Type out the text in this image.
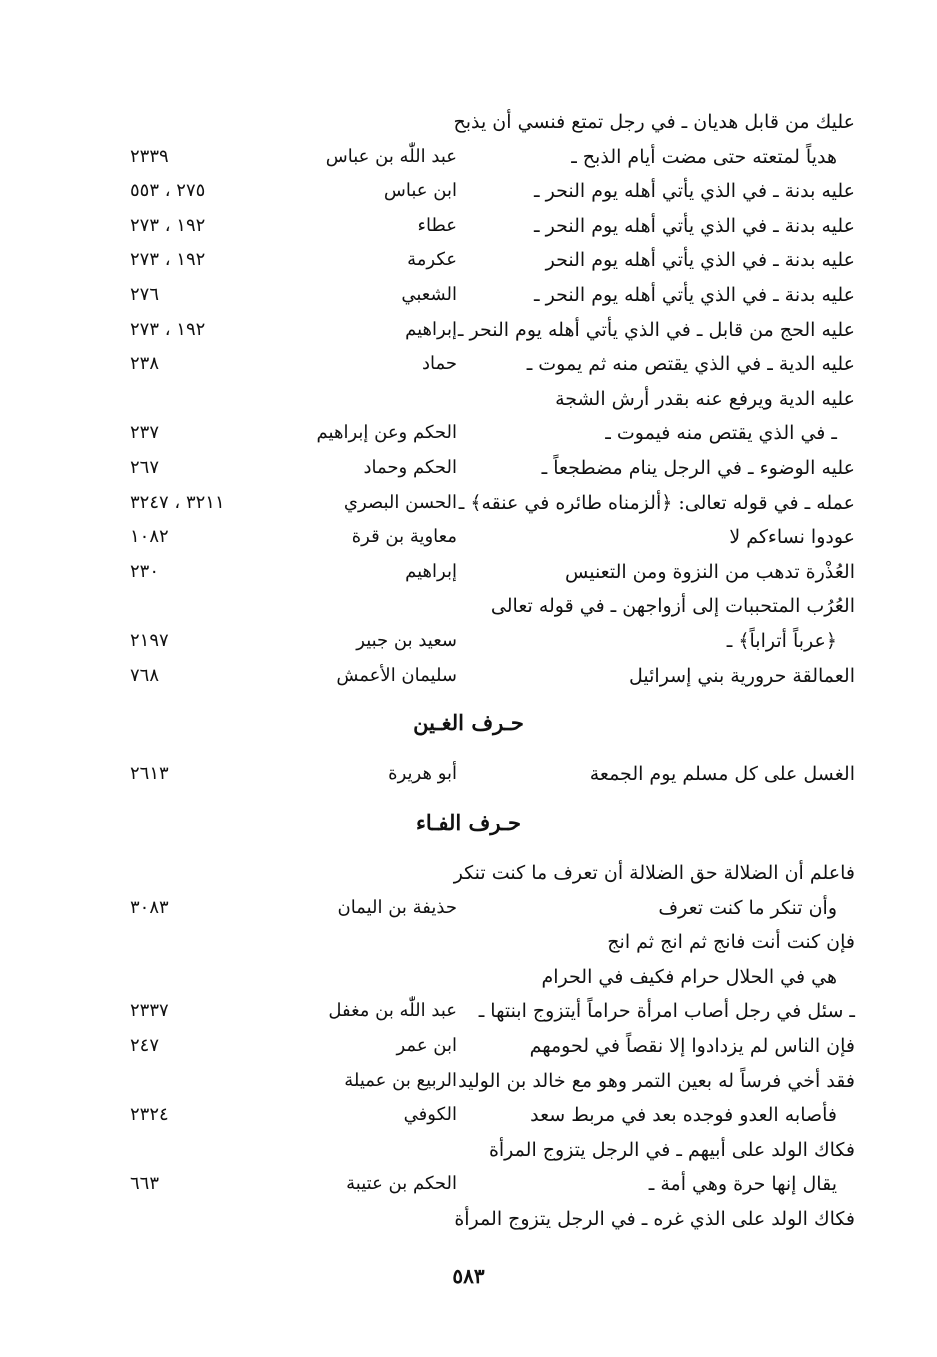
عليك من قابل هديان ـ في رجل تمتع فنسي أن يذبح
هدياً لمتعته حتى مضت أيام الذبح ـ
عبد اللّٰه بن عباس
٢٣٣٩
عليه بدنة ـ في الذي يأتي أهله يوم النحر ـ
ابن عباس
٢٧٥ ، ٥٥٣
عليه بدنة ـ في الذي يأتي أهله يوم النحر ـ
عطاء
١٩٢ ، ٢٧٣
عليه بدنة ـ في الذي يأتي أهله يوم النحر
عكرمة
١٩٢ ، ٢٧٣
عليه بدنة ـ في الذي يأتي أهله يوم النحر ـ
الشعبي
٢٧٦
عليه الحج من قابل ـ في الذي يأتي أهله يوم النحر ـ
إبراهيم
١٩٢ ، ٢٧٣
عليه الدية ـ في الذي يقتص منه ثم يموت ـ
حماد
٢٣٨
عليه الدية ويرفع عنه بقدر أرش الشجة
ـ في الذي يقتص منه فيموت ـ
الحكم وعن إبراهيم
٢٣٧
عليه الوضوء ـ في الرجل ينام مضطجعاً ـ
الحكم وحماد
٢٦٧
عمله ـ في قوله تعالى: ﴿ألزمناه طائره في عنقه﴾ ـ
الحسن البصري
٣٢١١ ، ٣٢٤٧
عودوا نساءكم لا
معاوية بن قرة
١٠٨٢
العُذْرة تدهب من النزوة ومن التعنيس
إبراهيم
٢٣٠
العُرُب المتحببات إلى أزواجهن ـ في قوله تعالى
﴿عرباً أتراباً﴾ ـ
سعيد بن جبير
٢١٩٧
العمالقة حرورية بني إسرائيل
سليمان الأعمش
٧٦٨
حـرف الغـين
الغسل على كل مسلم يوم الجمعة
أبو هريرة
٢٦١٣
حـرف الفـاء
فاعلم أن الضلالة حق الضلالة أن تعرف ما كنت تنكر
وأن تنكر ما كنت تعرف
حذيفة بن اليمان
٣٠٨٣
فإن كنت أنت فانج ثم انج ثم انج
هي في الحلال حرام فكيف في الحرام
ـ سئل في رجل أصاب امرأة حراماً أيتزوج ابنتها ـ
عبد اللّٰه بن مغفل
٢٣٣٧
فإن الناس لم يزدادوا إلا نقصاً في لحومهم
ابن عمر
٢٤٧
فقد أخي فرساً له بعين التمر وهو مع خالد بن الوليد
الربيع بن عميلة
فأصابه العدو فوجده بعد في مربط سعد
الكوفي
٢٣٢٤
فكاك الولد على أبيهم ـ في الرجل يتزوج المرأة
يقال إنها حرة وهي أمة ـ
الحكم بن عتيبة
٦٦٣
فكاك الولد على الذي غره ـ في الرجل يتزوج المرأة
٥٨٣
